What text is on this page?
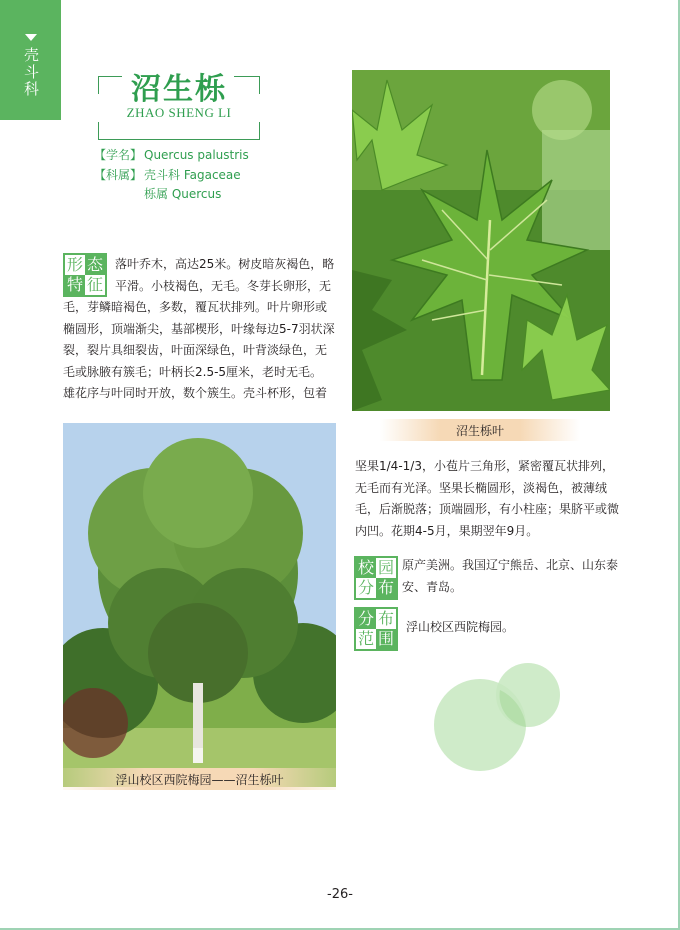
壳斗科	沼生栎
ZHAO SHENG LI
【学名】 Quercus palustris
【科属】 壳斗科 Fagaceae
栎属 Quercus
形 态
特 征
落叶乔木，高达25米。树皮暗灰褐色，略
平滑。小枝褐色，无毛。冬芽长卵形，无
毛，芽鳞暗褐色，多数，覆瓦状排列。叶片卵形或
椭圆形，顶端渐尖，基部楔形，叶缘每边5-7羽状深
裂，裂片具细裂齿，叶面深绿色，叶背淡绿色，无
毛或脉腋有簇毛；叶柄长2.5-5厘米，老时无毛。
雄花序与叶同时开放，数个簇生。壳斗杯形，包着
沼生栎叶
浮山校区西院梅园——沼生栎叶
坚果1/4-1/3，小苞片三角形，紧密覆瓦状排列，
无毛而有光泽。坚果长椭圆形，淡褐色，被薄绒
毛，后渐脱落；顶端圆形，有小柱座；果脐平或微
内凹。花期4-5月，果期翌年9月。
校 园
分 布
原产美洲。我国辽宁熊岳、北京、山东泰
安、青岛。
分 布
范 围
浮山校区西院梅园。
-26-
